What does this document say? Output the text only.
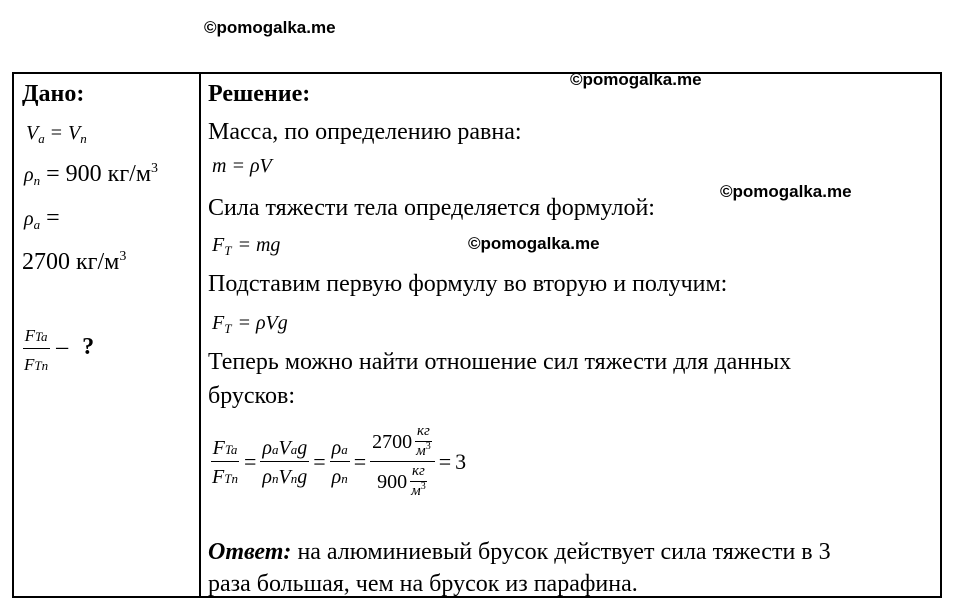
©pomogalka.me
©pomogalka.me
©pomogalka.me
©pomogalka.me
Дано:
Va = Vn
ρn = 900 $кг/м^3$
ρa =
2700 $кг/м^3$
$\frac{\text{FTa}}{\text{FTn}}$ – ?
Решение:
Масса, по определению равна:
m = ρV
Сила тяжести тела определяется формулой:
FT = mg
Подставим первую формулу во вторую и получим:
FT = ρVg
Теперь можно найти отношение сил тяжести для данных
брусков:
$\frac{\text{FTa}}{\text{FTn}} = \frac{\text{ρaVag}}{\text{ρnVng}} = \frac{\rho a}{\rho n} = \frac{2700 \frac{кг}{м^3}}{900 \frac{кг}{м^3}} = 3$
Ответ: на алюминиевый брусок действует сила тяжести в 3
раза большая, чем на брусок из парафина.
